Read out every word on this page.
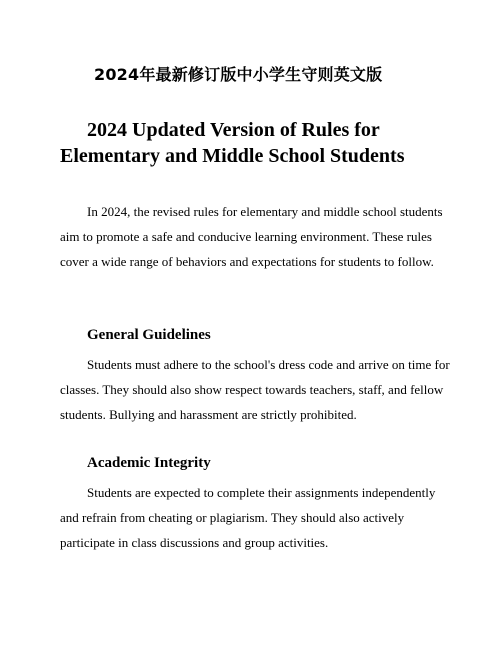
2024年最新修订版中小学生守则英文版
2024 Updated Version of Rules for
Elementary and Middle School Students

In 2024, the revised rules for elementary and middle school students aim to promote a safe and conducive learning environment. These rules cover a wide range of behaviors and expectations for students to follow.

General Guidelines

Students must adhere to the school's dress code and arrive on time for classes. They should also show respect towards teachers, staff, and fellow students. Bullying and harassment are strictly prohibited.

Academic Integrity

Students are expected to complete their assignments independently and refrain from cheating or plagiarism. They should also actively participate in class discussions and group activities.
